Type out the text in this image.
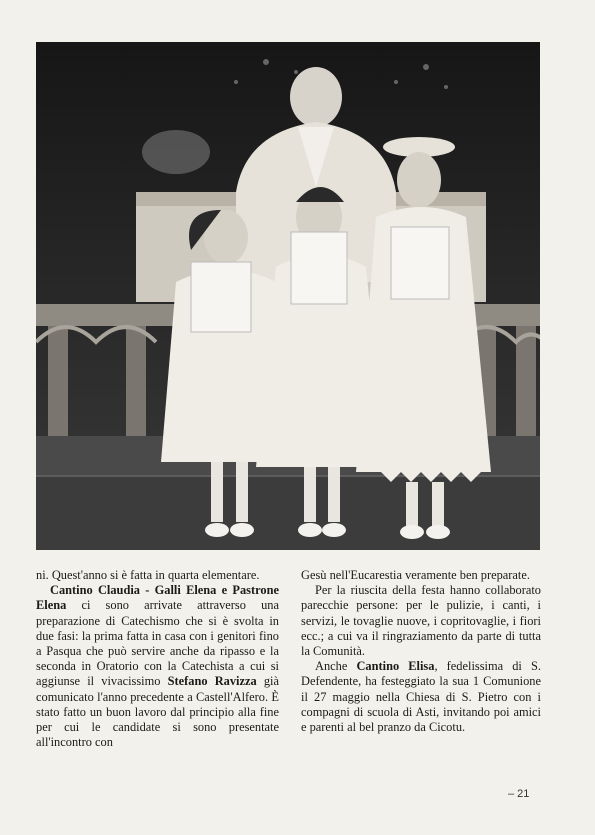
ni. Quest'anno si è fatta in quarta elementare.

Cantino Claudia - Galli Elena e Pastrone Elena ci sono arrivate attraverso una preparazione di Catechismo che si è svolta in due fasi: la prima fatta in casa con i genitori fino a Pasqua che può servire anche da ripasso e la seconda in Oratorio con la Catechista a cui si aggiunse il vivacissimo Stefano Ravizza già comunicato l'anno precedente a Castell'Alfero. È stato fatto un buon lavoro dal principio alla fine per cui le candidate si sono presentate all'incontro con

Gesù nell'Eucarestia veramente ben preparate.

Per la riuscita della festa hanno collaborato parecchie persone: per le pulizie, i canti, i servizi, le tovaglie nuove, i copritovaglie, i fiori ecc.; a cui va il ringraziamento da parte di tutta la Comunità.

Anche Cantino Elisa, fedelissima di S. Defendente, ha festeggiato la sua 1 Comunione il 27 maggio nella Chiesa di S. Pietro con i compagni di scuola di Asti, invitando poi amici e parenti al bel pranzo da Cicotu.

– 21
